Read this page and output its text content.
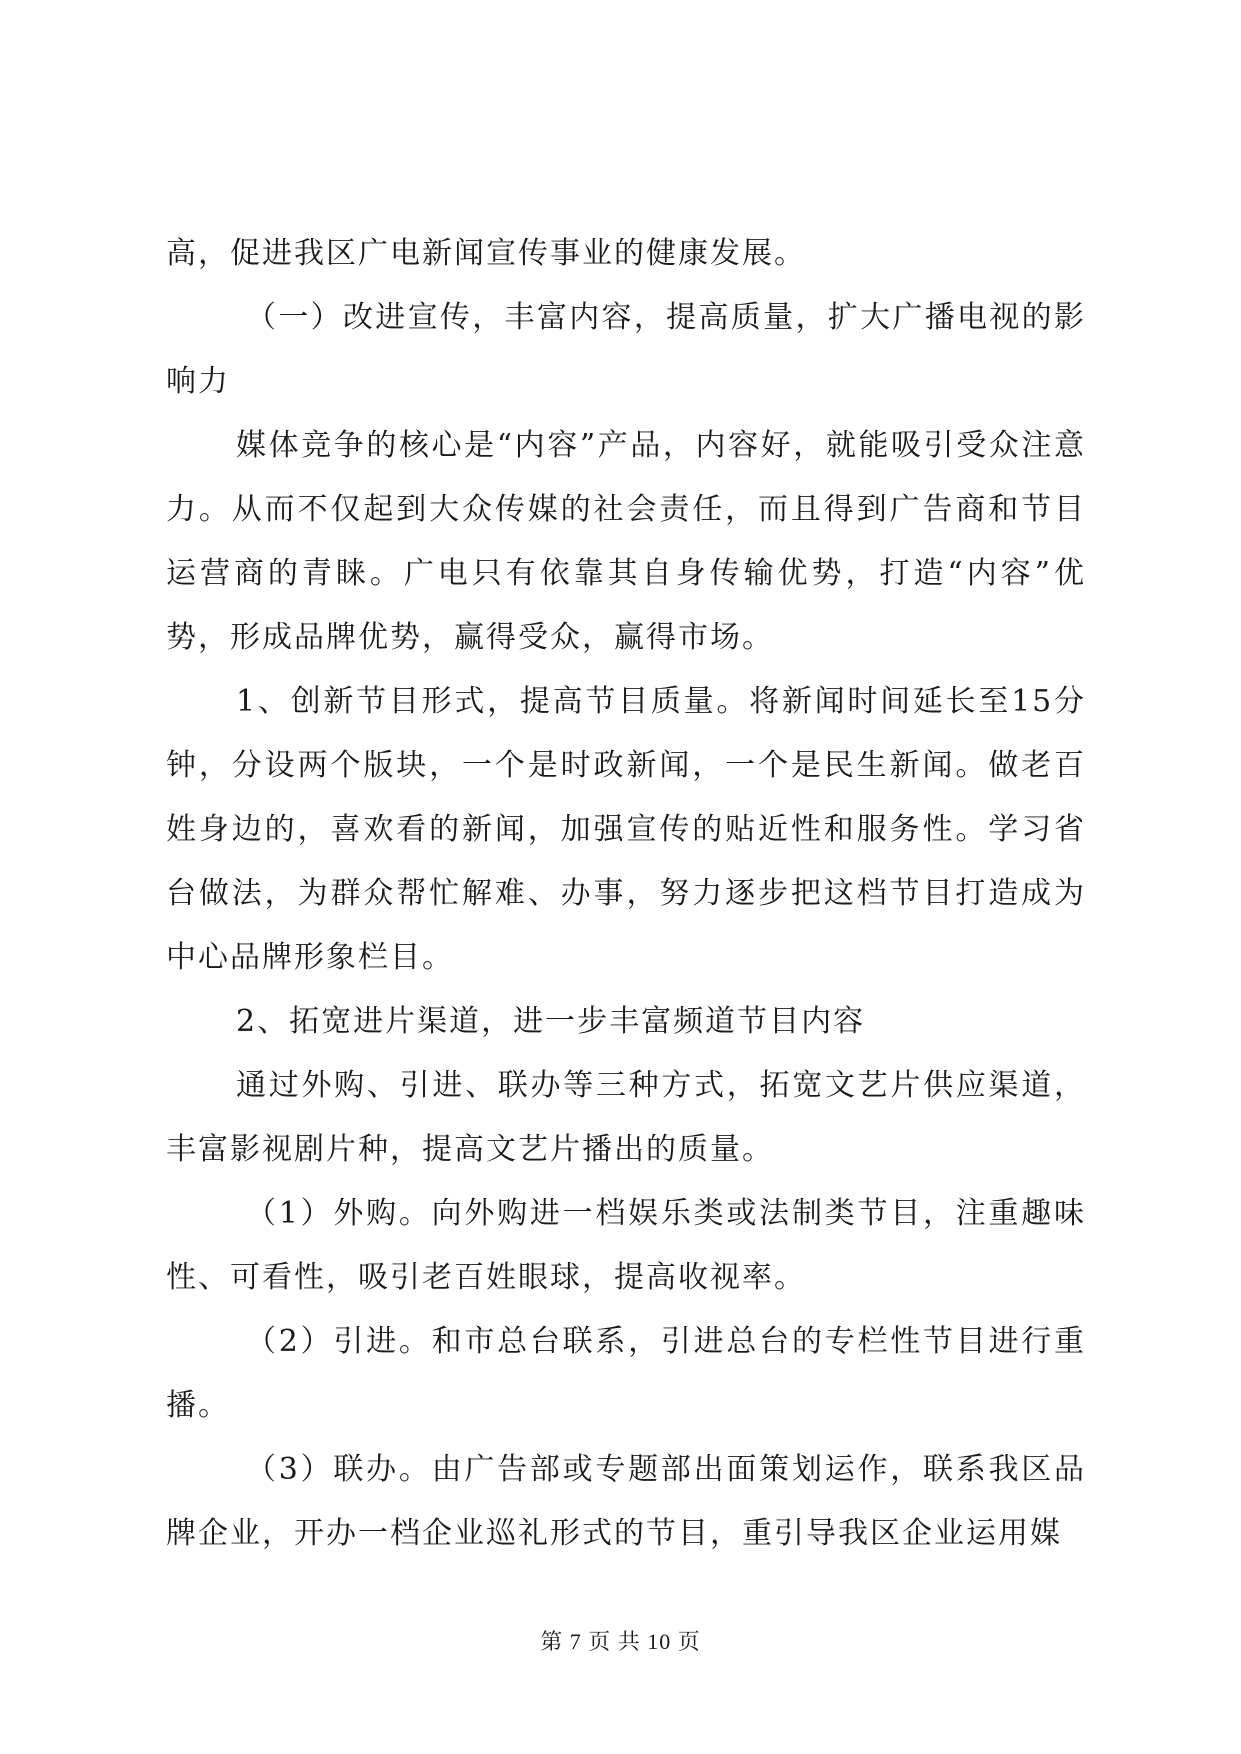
高，促进我区广电新闻宣传事业的健康发展。

（一）改进宣传，丰富内容，提高质量，扩大广播电视的影响力

媒体竞争的核心是“内容”产品，内容好，就能吸引受众注意力。从而不仅起到大众传媒的社会责任，而且得到广告商和节目运营商的青睐。广电只有依靠其自身传输优势，打造“内容”优势，形成品牌优势，赢得受众，赢得市场。

1、创新节目形式，提高节目质量。将新闻时间延长至15分钟，分设两个版块，一个是时政新闻，一个是民生新闻。做老百姓身边的，喜欢看的新闻，加强宣传的贴近性和服务性。学习省台做法，为群众帮忙解难、办事，努力逐步把这档节目打造成为中心品牌形象栏目。

2、拓宽进片渠道，进一步丰富频道节目内容

通过外购、引进、联办等三种方式，拓宽文艺片供应渠道，丰富影视剧片种，提高文艺片播出的质量。

（1）外购。向外购进一档娱乐类或法制类节目，注重趣味性、可看性，吸引老百姓眼球，提高收视率。

（2）引进。和市总台联系，引进总台的专栏性节目进行重播。

（3）联办。由广告部或专题部出面策划运作，联系我区品牌企业，开办一档企业巡礼形式的节目，重引导我区企业运用媒

第 7 页 共 10 页
